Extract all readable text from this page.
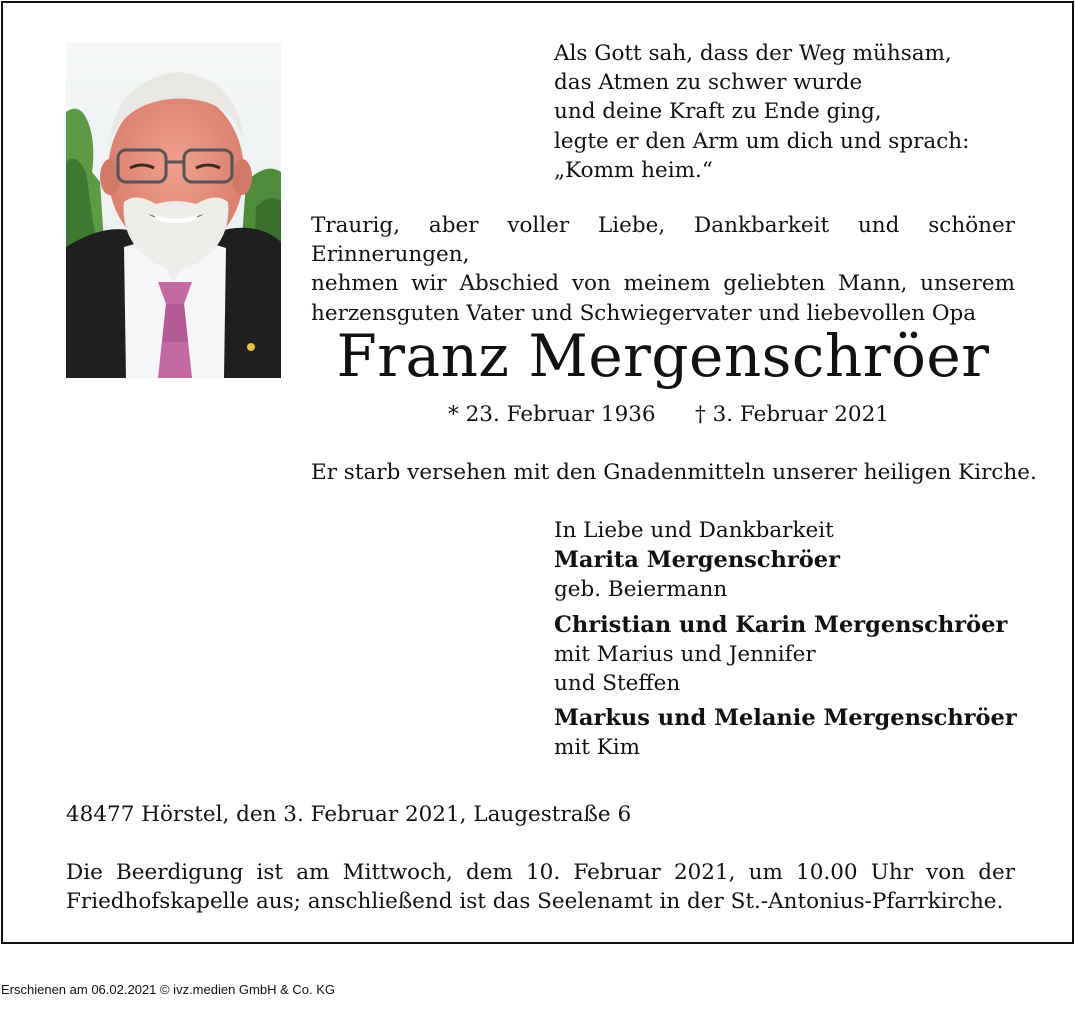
Als Gott sah, dass der Weg mühsam,
das Atmen zu schwer wurde
und deine Kraft zu Ende ging,
legte er den Arm um dich und sprach:
„Komm heim.“
Traurig, aber voller Liebe, Dankbarkeit und schöner Erinnerungen,
nehmen wir Abschied von meinem geliebten Mann, unserem
herzensguten Vater und Schwiegervater und liebevollen Opa
Franz Mergenschröer
* 23. Februar 1936 † 3. Februar 2021
Er starb versehen mit den Gnadenmitteln unserer heiligen Kirche.
In Liebe und Dankbarkeit
Marita Mergenschröer
geb. Beiermann
Christian und Karin Mergenschröer
mit Marius und Jennifer
und Steffen
Markus und Melanie Mergenschröer
mit Kim
48477 Hörstel, den 3. Februar 2021, Laugestraße 6
Die Beerdigung ist am Mittwoch, dem 10. Februar 2021, um 10.00 Uhr von der
Friedhofskapelle aus; anschließend ist das Seelenamt in der St.-Antonius-Pfarrkirche.
Erschienen am 06.02.2021 © ivz.medien GmbH & Co. KG
